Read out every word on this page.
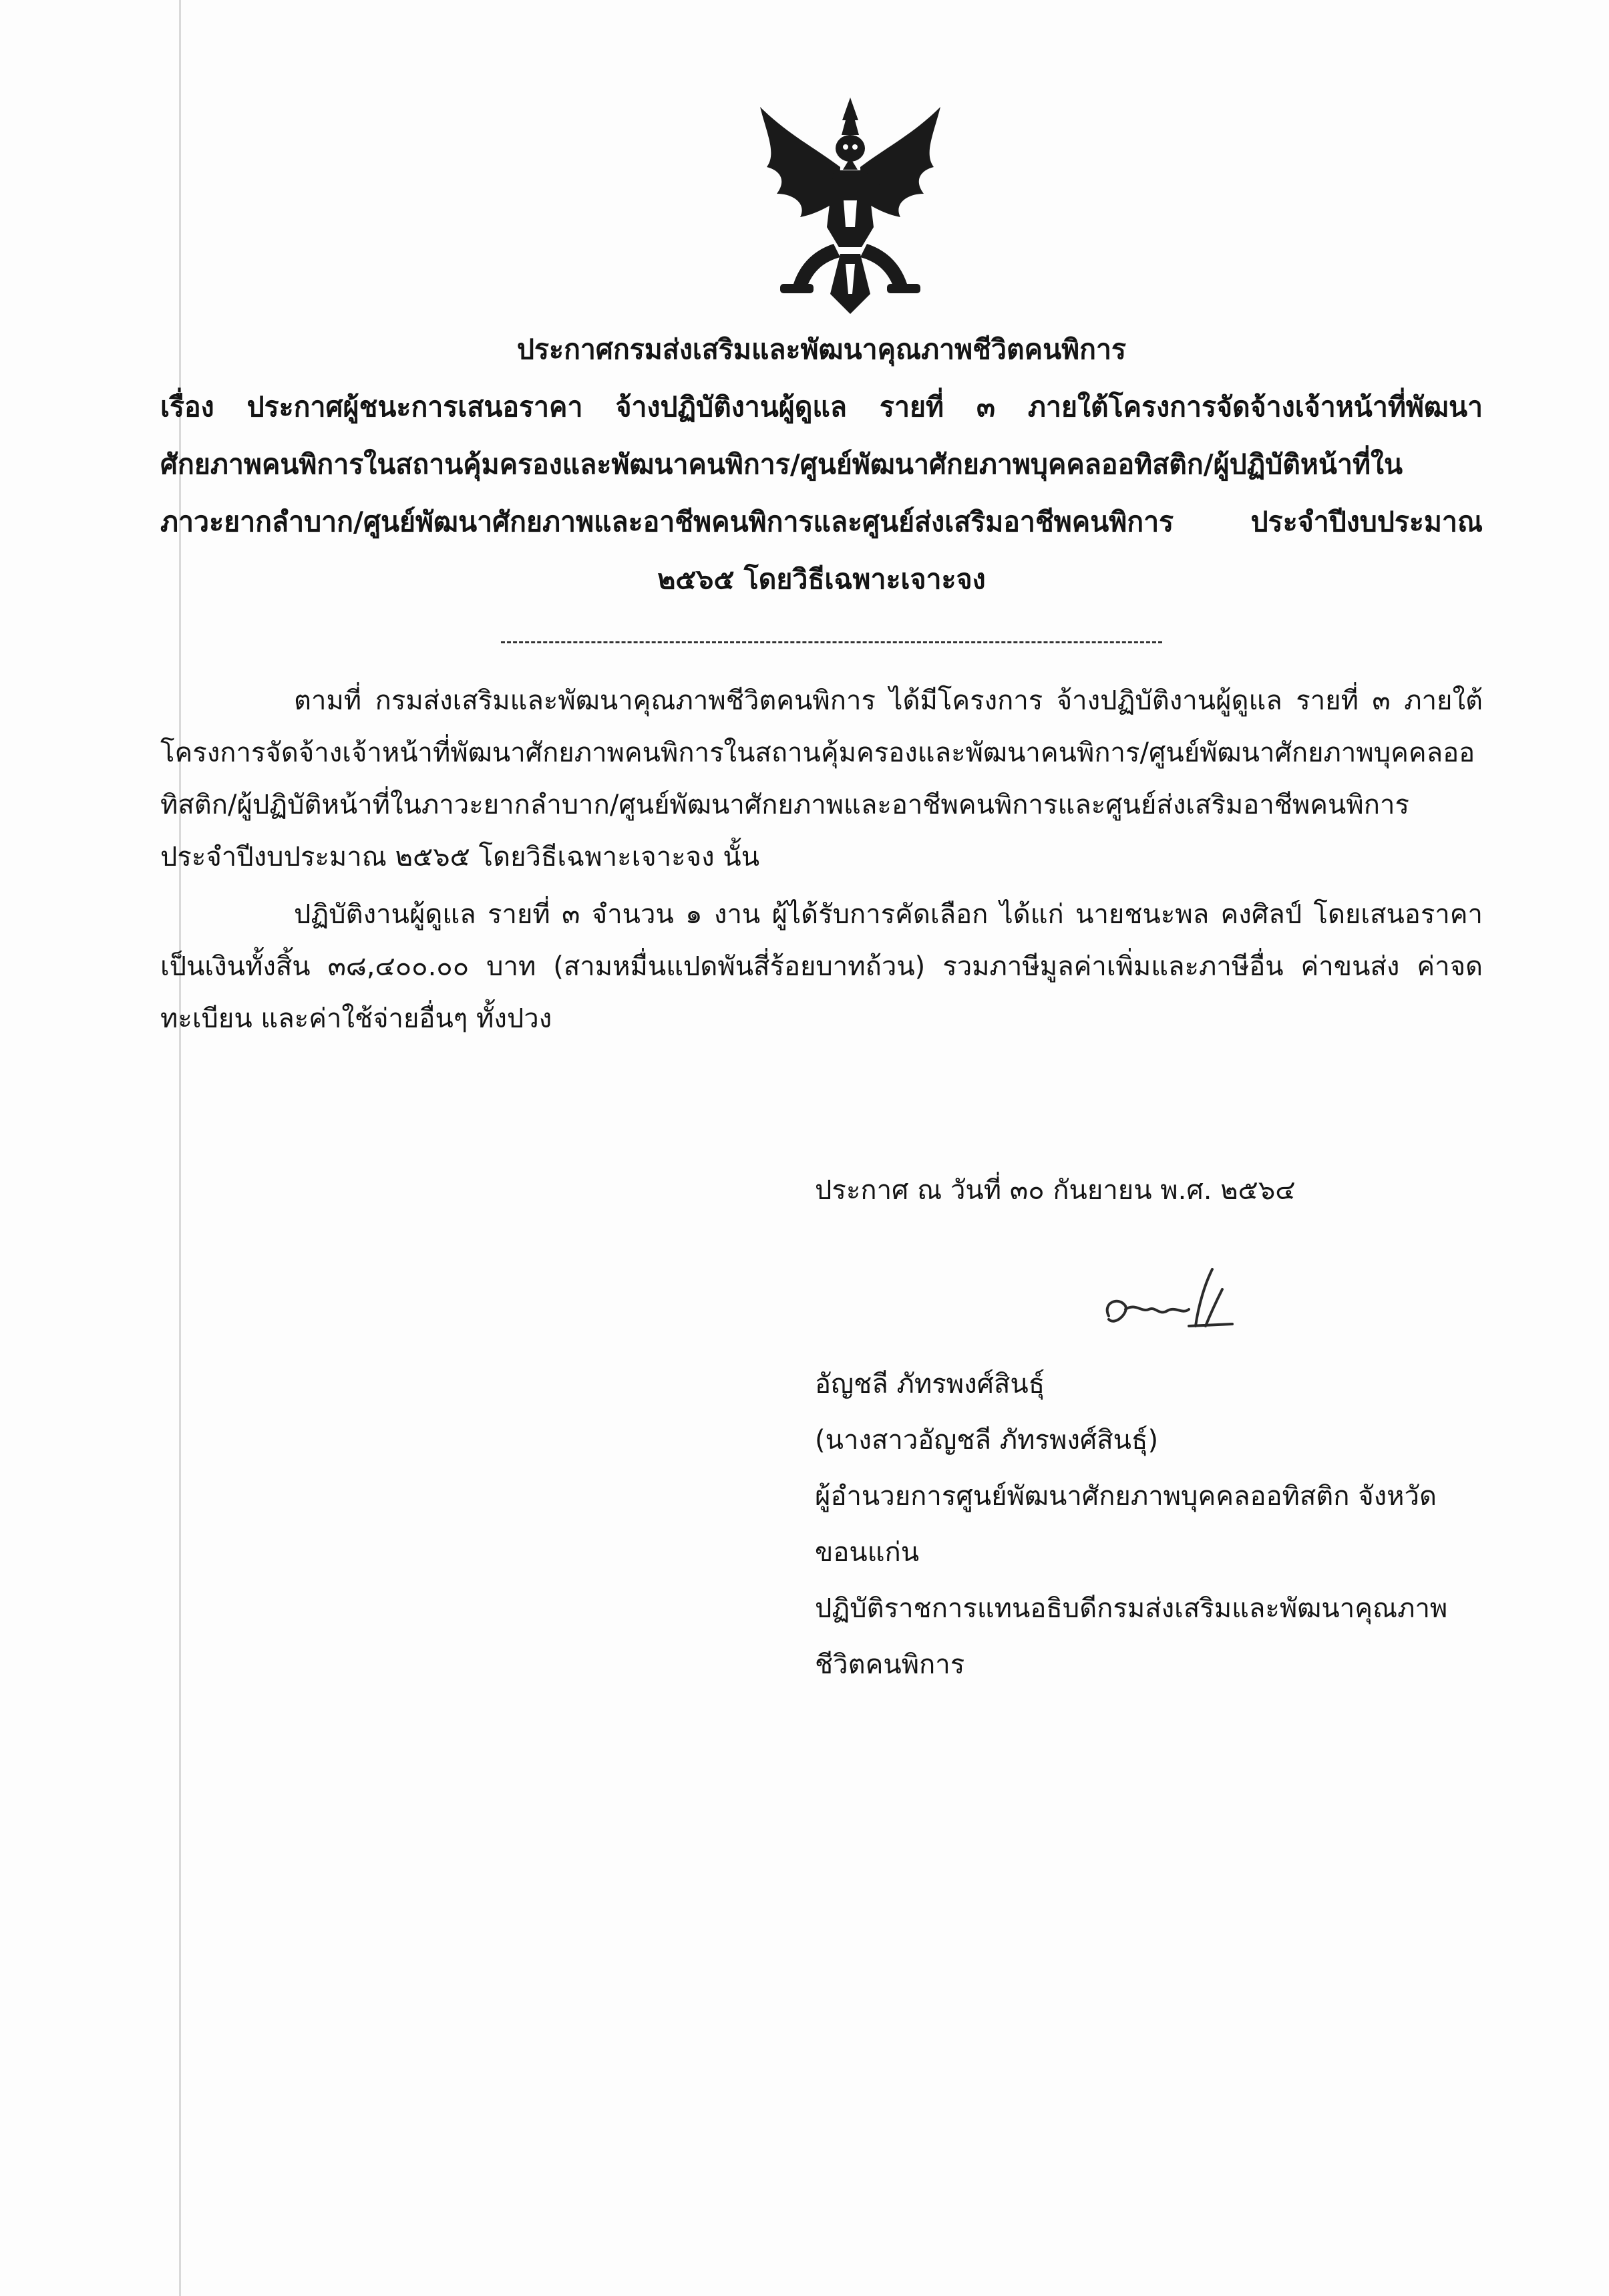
ประกาศกรมส่งเสริมและพัฒนาคุณภาพชีวิตคนพิการ
เรื่อง ประกาศผู้ชนะการเสนอราคา จ้างปฏิบัติงานผู้ดูแล รายที่ ๓ ภายใต้โครงการจัดจ้างเจ้าหน้าที่พัฒนา
ศักยภาพคนพิการในสถานคุ้มครองและพัฒนาคนพิการ/ศูนย์พัฒนาศักยภาพบุคคลออทิสติก/ผู้ปฏิบัติหน้าที่ใน
ภาวะยากลำบาก/ศูนย์พัฒนาศักยภาพและอาชีพคนพิการและศูนย์ส่งเสริมอาชีพคนพิการ ประจำปีงบประมาณ
๒๕๖๕ โดยวิธีเฉพาะเจาะจง

ตามที่ กรมส่งเสริมและพัฒนาคุณภาพชีวิตคนพิการ ได้มีโครงการ จ้างปฏิบัติงานผู้ดูแล รายที่ ๓ ภายใต้โครงการจัดจ้างเจ้าหน้าที่พัฒนาศักยภาพคนพิการในสถานคุ้มครองและพัฒนาคนพิการ/ศูนย์พัฒนาศักยภาพบุคคลออทิสติก/ผู้ปฏิบัติหน้าที่ในภาวะยากลำบาก/ศูนย์พัฒนาศักยภาพและอาชีพคนพิการและศูนย์ส่งเสริมอาชีพคนพิการ ประจำปีงบประมาณ ๒๕๖๕ โดยวิธีเฉพาะเจาะจง นั้น

ปฏิบัติงานผู้ดูแล รายที่ ๓ จำนวน ๑ งาน ผู้ได้รับการคัดเลือก ได้แก่ นายชนะพล คงศิลป์ โดยเสนอราคาเป็นเงินทั้งสิ้น ๓๘,๔๐๐.๐๐ บาท (สามหมื่นแปดพันสี่ร้อยบาทถ้วน) รวมภาษีมูลค่าเพิ่มและภาษีอื่น ค่าขนส่ง ค่าจดทะเบียน และค่าใช้จ่ายอื่นๆ ทั้งปวง

ประกาศ ณ วันที่ ๓๐ กันยายน พ.ศ. ๒๕๖๔
อัญชลี ภัทรพงศ์สินธุ์
(นางสาวอัญชลี ภัทรพงศ์สินธุ์)
ผู้อำนวยการศูนย์พัฒนาศักยภาพบุคคลออทิสติก จังหวัด
ขอนแก่น
ปฏิบัติราชการแทนอธิบดีกรมส่งเสริมและพัฒนาคุณภาพ
ชีวิตคนพิการ
